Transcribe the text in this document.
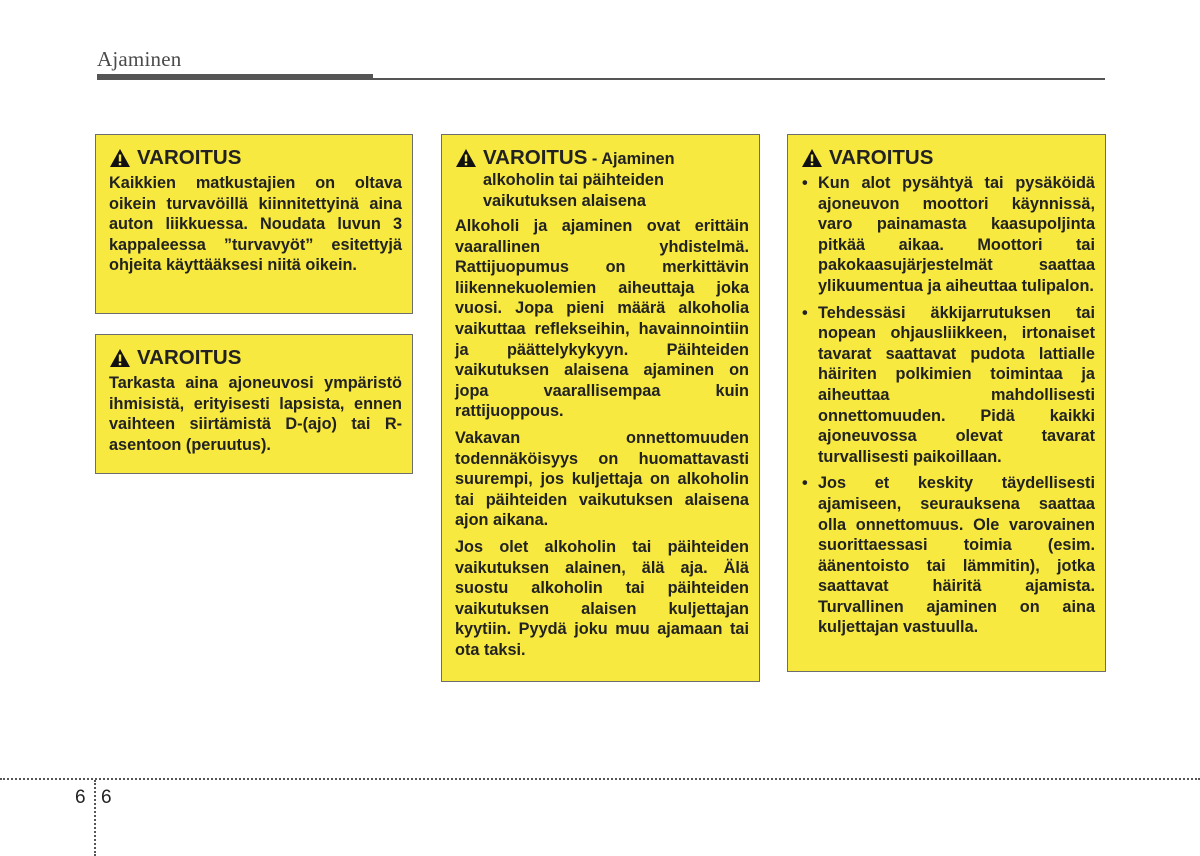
Ajaminen
VAROITUS

Kaikkien matkustajien on oltava oikein turvavöillä kiinnitettyinä aina auton liikkuessa. Noudata luvun 3 kappaleessa ”turvavyöt” esitettyjä ohjeita käyttääksesi niitä oikein.

VAROITUS

Tarkasta aina ajoneuvosi ympäristö ihmisistä, erityisesti lapsista, ennen vaihteen siirtämistä D-(ajo) tai R-asentoon (peruutus).

VAROITUS - Ajaminen alkoholin tai päihteiden vaikutuksen alaisena

Alkoholi ja ajaminen ovat erittäin vaarallinen yhdistelmä. Rattijuopumus on merkittävin liikennekuolemien aiheuttaja joka vuosi. Jopa pieni määrä alkoholia vaikuttaa reflekseihin, havainnointiin ja päättelykykyyn. Päihteiden vaikutuksen alaisena ajaminen on jopa vaarallisempaa kuin rattijuoppous.

Vakavan onnettomuuden todennäköisyys on huomattavasti suurempi, jos kuljettaja on alkoholin tai päihteiden vaikutuksen alaisena ajon aikana.

Jos olet alkoholin tai päihteiden vaikutuksen alainen, älä aja. Älä suostu alkoholin tai päihteiden vaikutuksen alaisen kuljettajan kyytiin. Pyydä joku muu ajamaan tai ota taksi.

VAROITUS
• Kun alot pysähtyä tai pysäköidä ajoneuvon moottori käynnissä, varo painamasta kaasupoljinta pitkää aikaa. Moottori tai pakokaasujärjestelmät saattaa ylikuumentua ja aiheuttaa tulipalon.
• Tehdessäsi äkkijarrutuksen tai nopean ohjausliikkeen, irtonaiset tavarat saattavat pudota lattialle häiriten polkimien toimintaa ja aiheuttaa mahdollisesti onnettomuuden. Pidä kaikki ajoneuvossa olevat tavarat turvallisesti paikoillaan.
• Jos et keskity täydellisesti ajamiseen, seurauksena saattaa olla onnettomuus. Ole varovainen suorittaessasi toimia (esim. äänentoisto tai lämmitin), jotka saattavat häiritä ajamista. Turvallinen ajaminen on aina kuljettajan vastuulla.
6 6
